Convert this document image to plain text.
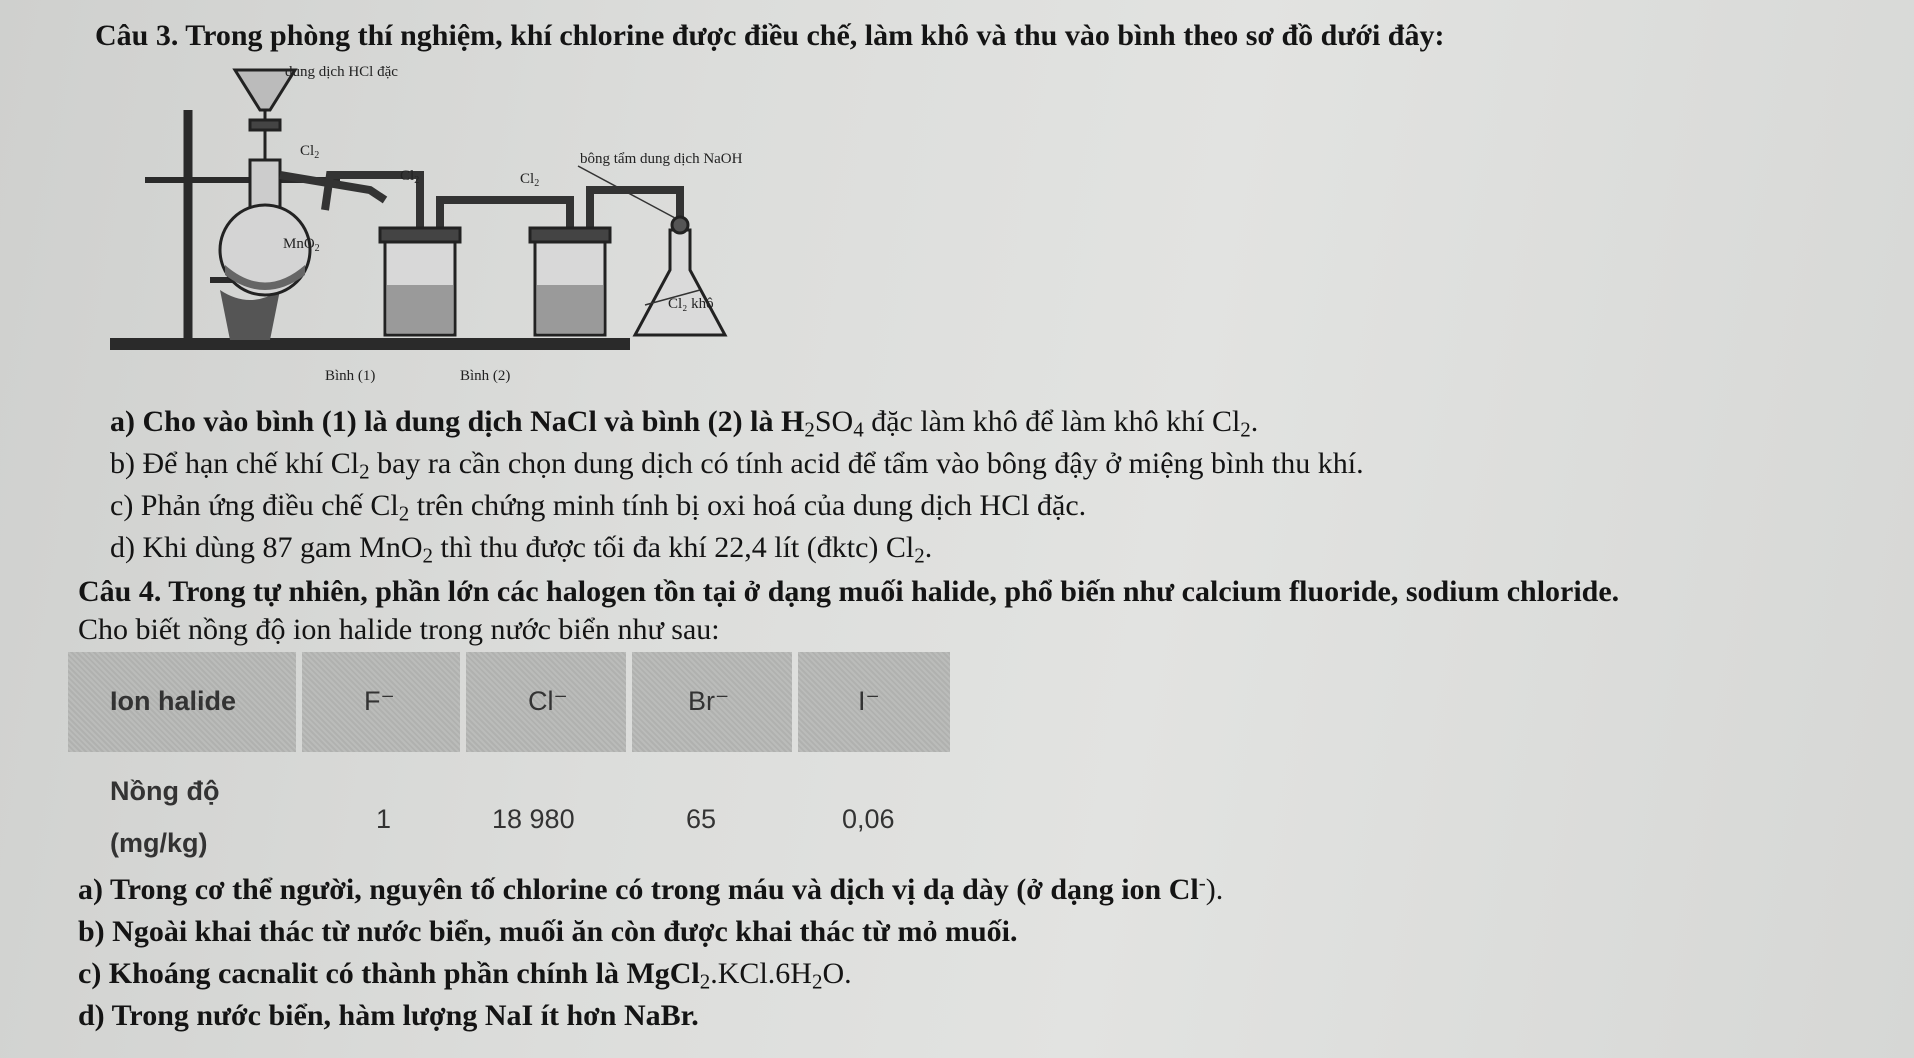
Câu 3. Trong phòng thí nghiệm, khí chlorine được điều chế, làm khô và thu vào bình theo sơ đồ dưới đây:
dung dịch HCl đặc
$Cl_2$
$Cl_2$	$Cl_2$
bông tẩm dung dịch NaOH
MnO$_2$
Cl₂ khô
Bình (1)	Bình (2)
a) Cho vào bình (1) là dung dịch NaCl và bình (2) là $H_2SO_4$ đặc làm khô để làm khô khí $Cl_2$.
b) Để hạn chế khí $Cl_2$ bay ra cần chọn dung dịch có tính acid để tẩm vào bông đậy ở miệng bình thu khí.
c) Phản ứng điều chế $Cl_2$ trên chứng minh tính bị oxi hoá của dung dịch HCl đặc.
d) Khi dùng 87 gam MnO$_2$ thì thu được tối đa khí 22,4 lít (đktc) $Cl_2$.
Câu 4. Trong tự nhiên, phần lớn các halogen tồn tại ở dạng muối halide, phổ biến như calcium fluoride, sodium chloride.
Cho biết nồng độ ion halide trong nước biển như sau:
Ion halide	F⁻	Cl⁻	Br⁻	I⁻
Nồng độ
(mg/kg)
1	18 980	65	0,06
a) Trong cơ thể người, nguyên tố chlorine có trong máu và dịch vị dạ dày (ở dạng ion Cl-).
b) Ngoài khai thác từ nước biển, muối ăn còn được khai thác từ mỏ muối.
c) Khoáng cacnalit có thành phần chính là $MgCl_2.KCl.6H_2O$.
d) Trong nước biển, hàm lượng NaI ít hơn NaBr.
